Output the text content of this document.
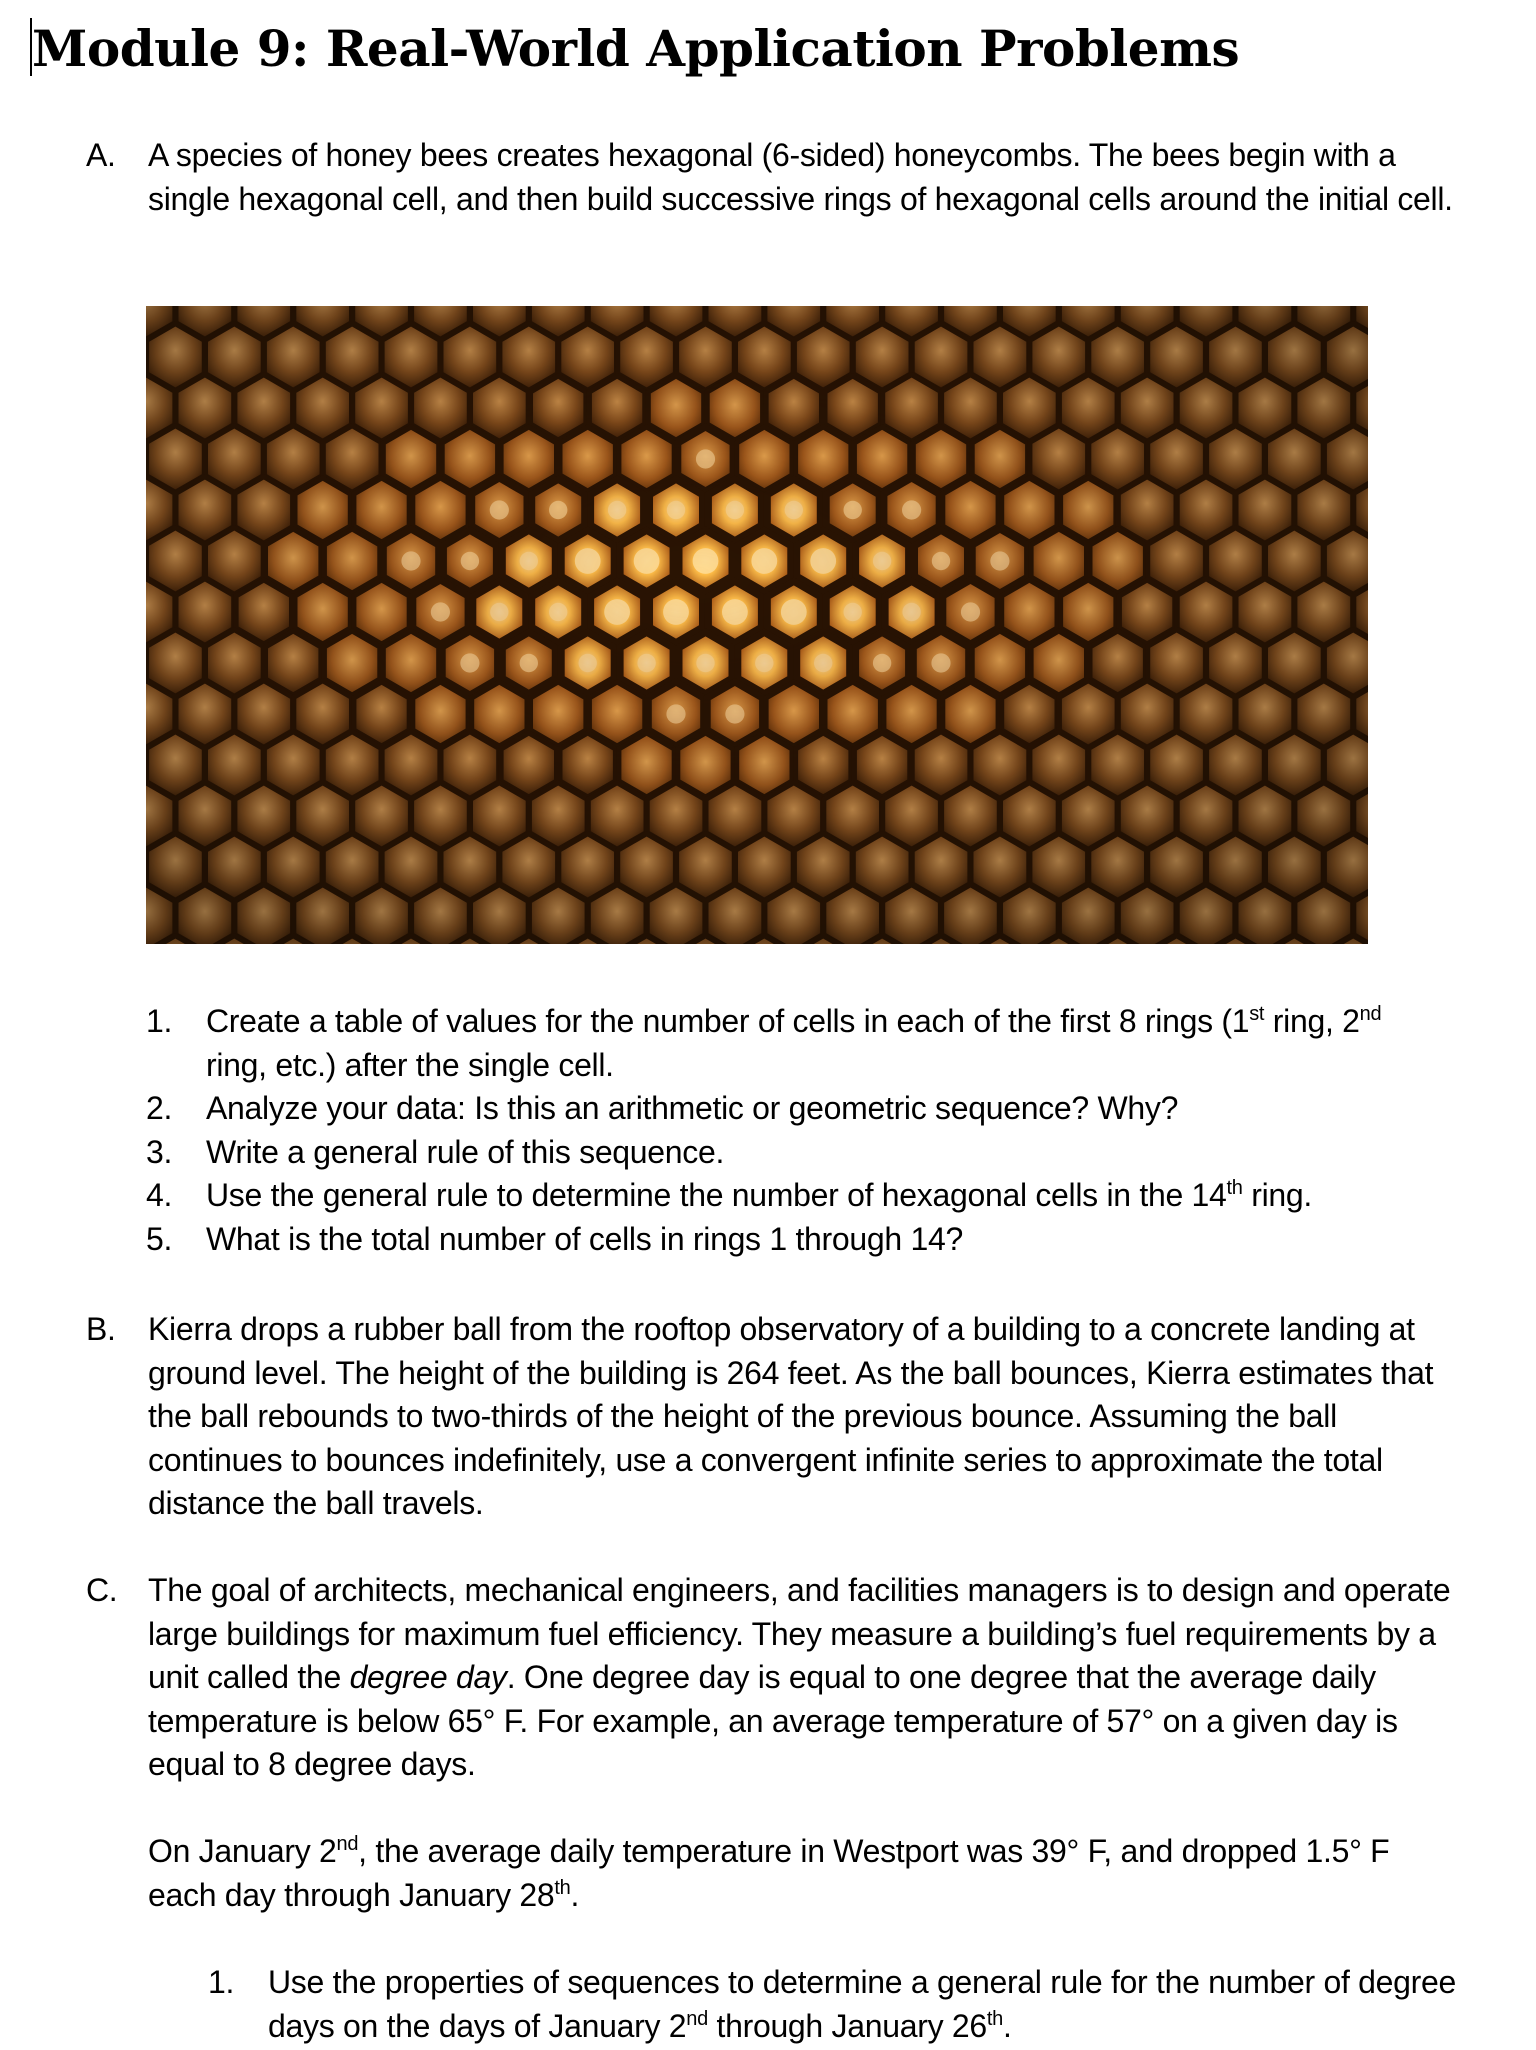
Module 9: Real-World Application Problems
A.	A species of honey bees creates hexagonal (6-sided) honeycombs. The bees begin with a single hexagonal cell, and then build successive rings of hexagonal cells around the initial cell.
1. Create a table of values for the number of cells in each of the first 8 rings (1st ring, 2nd ring, etc.) after the single cell.
2. Analyze your data: Is this an arithmetic or geometric sequence? Why?
3. Write a general rule of this sequence.
4. Use the general rule to determine the number of hexagonal cells in the 14th ring.
5. What is the total number of cells in rings 1 through 14?
B.	Kierra drops a rubber ball from the rooftop observatory of a building to a concrete landing at ground level. The height of the building is 264 feet. As the ball bounces, Kierra estimates that the ball rebounds to two-thirds of the height of the previous bounce. Assuming the ball continues to bounces indefinitely, use a convergent infinite series to approximate the total distance the ball travels.
C. The goal of architects, mechanical engineers, and facilities managers is to design and operate large buildings for maximum fuel efficiency. They measure a building’s fuel requirements by a unit called the degree day. One degree day is equal to one degree that the average daily temperature is below 65° F. For example, an average temperature of 57° on a given day is equal to 8 degree days.
On January 2nd, the average daily temperature in Westport was 39° F, and dropped 1.5° F each day through January 28th.
1. Use the properties of sequences to determine a general rule for the number of degree days on the days of January 2nd through January 26th.
